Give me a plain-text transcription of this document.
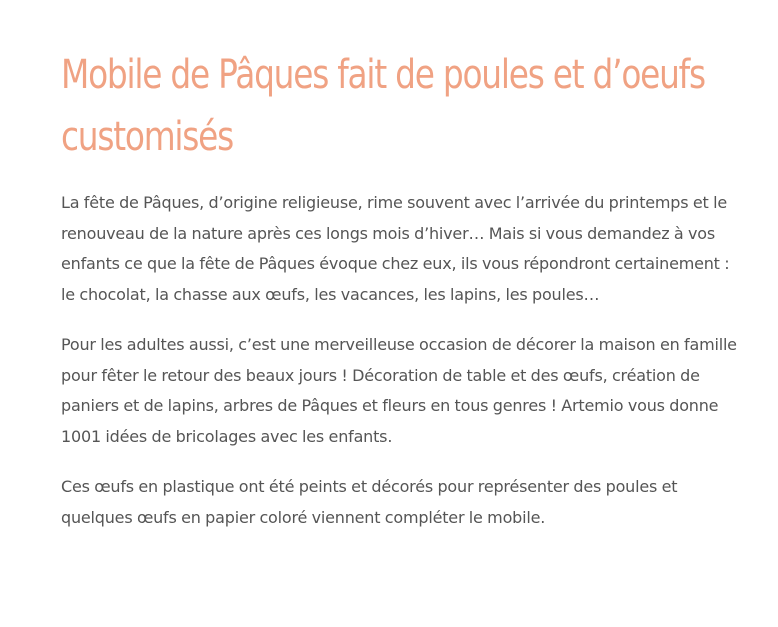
Mobile de Pâques fait de poules et d’oeufs customisés

La fête de Pâques, d’origine religieuse, rime souvent avec l’arrivée du printemps et le renouveau de la nature après ces longs mois d’hiver… Mais si vous demandez à vos enfants ce que la fête de Pâques évoque chez eux, ils vous répondront certainement : le chocolat, la chasse aux œufs, les vacances, les lapins, les poules…

Pour les adultes aussi, c’est une merveilleuse occasion de décorer la maison en famille pour fêter le retour des beaux jours ! Décoration de table et des œufs, création de paniers et de lapins, arbres de Pâques et fleurs en tous genres ! Artemio vous donne 1001 idées de bricolages avec les enfants.

Ces œufs en plastique ont été peints et décorés pour représenter des poules et quelques œufs en papier coloré viennent compléter le mobile.
